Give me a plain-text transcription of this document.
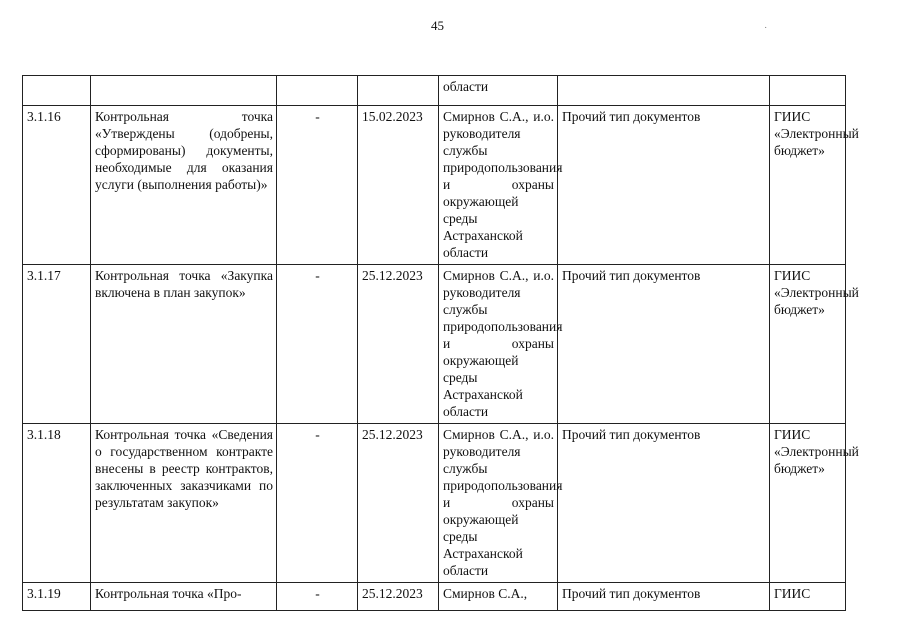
45	˙
				области		
3.1.16	Контрольная точка «Утверждены (одобрены, сформированы) документы, необходимые для оказания услуги (выполнения работы)»	-	15.02.2023	Смирнов С.А., и.о. руководителя службы природопользования и охраны окружающей среды Астраханской области	Прочий тип документов	ГИИС «Электронный бюджет»
3.1.17	Контрольная точка «Закупка включена в план закупок»	-	25.12.2023	Смирнов С.А., и.о. руководителя службы природопользования и охраны окружающей среды Астраханской области	Прочий тип документов	ГИИС «Электронный бюджет»
3.1.18	Контрольная точка «Сведения о государственном контракте внесены в реестр контрактов, заключенных заказчиками по результатам закупок»	-	25.12.2023	Смирнов С.А., и.о. руководителя службы природопользования и охраны окружающей среды Астраханской области	Прочий тип документов	ГИИС «Электронный бюджет»
3.1.19	Контрольная точка «Про-	-	25.12.2023	Смирнов С.А.,	Прочий тип документов	ГИИС
